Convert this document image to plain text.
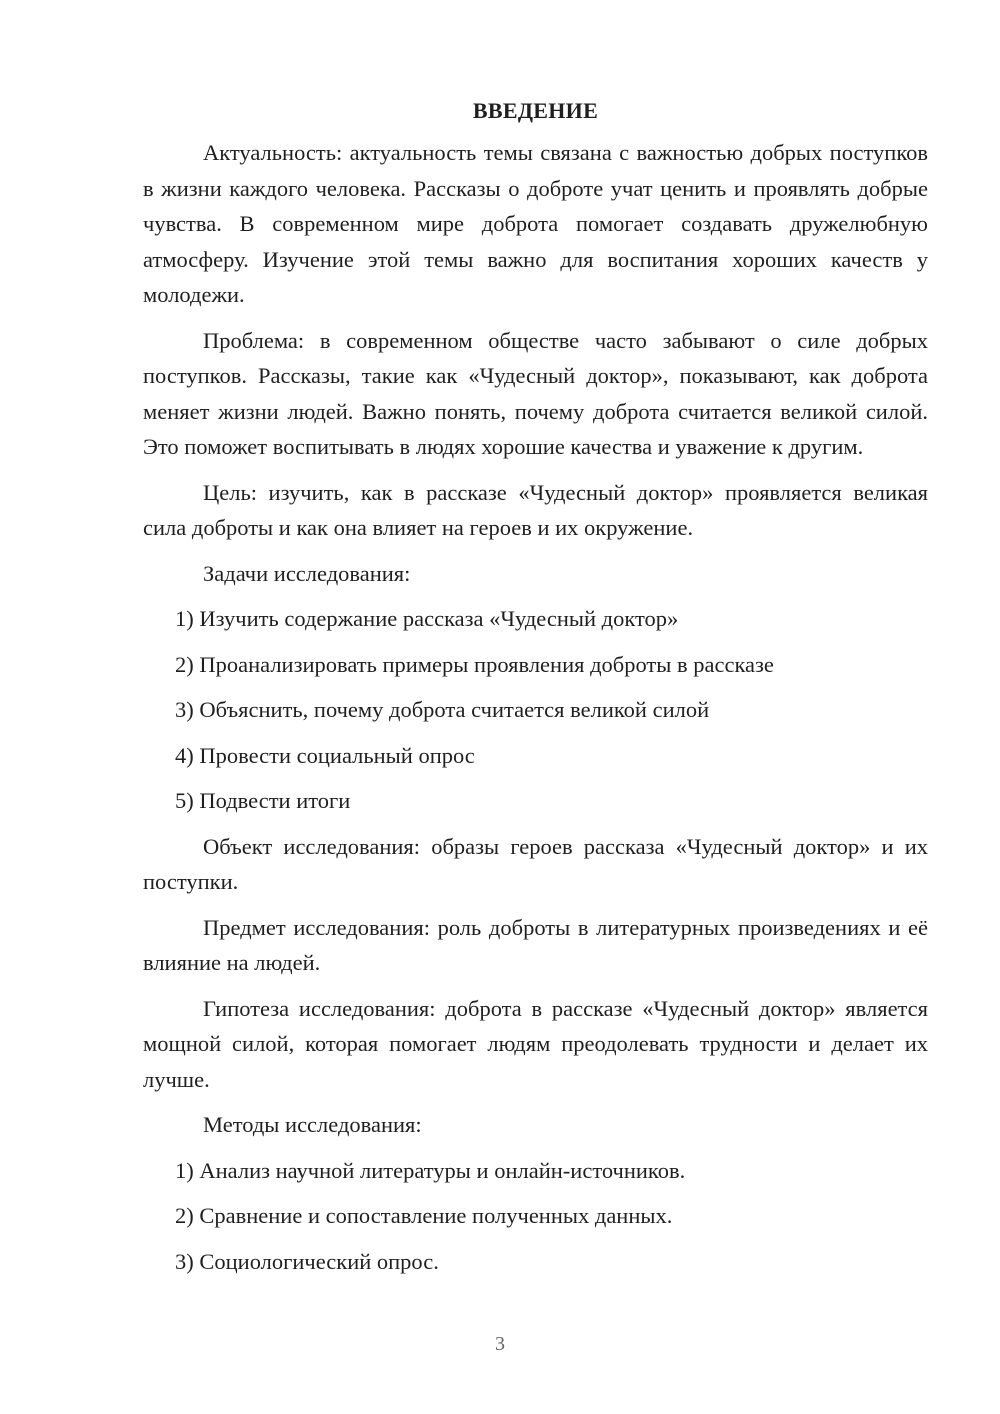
ВВЕДЕНИЕ

Актуальность: актуальность темы связана с важностью добрых поступков в жизни каждого человека. Рассказы о доброте учат ценить и проявлять добрые чувства. В современном мире доброта помогает создавать дружелюбную атмосферу. Изучение этой темы важно для воспитания хороших качеств у молодежи.

Проблема: в современном обществе часто забывают о силе добрых поступков. Рассказы, такие как «Чудесный доктор», показывают, как доброта меняет жизни людей. Важно понять, почему доброта считается великой силой. Это поможет воспитывать в людях хорошие качества и уважение к другим.

Цель: изучить, как в рассказе «Чудесный доктор» проявляется великая сила доброты и как она влияет на героев и их окружение.

Задачи исследования:

1) Изучить содержание рассказа «Чудесный доктор»

2) Проанализировать примеры проявления доброты в рассказе

3) Объяснить, почему доброта считается великой силой

4) Провести социальный опрос

5) Подвести итоги

Объект исследования: образы героев рассказа «Чудесный доктор» и их поступки.

Предмет исследования: роль доброты в литературных произведениях и её влияние на людей.

Гипотеза исследования: доброта в рассказе «Чудесный доктор» является мощной силой, которая помогает людям преодолевать трудности и делает их лучше.

Методы исследования:

1) Анализ научной литературы и онлайн-источников.

2) Сравнение и сопоставление полученных данных.

3) Социологический опрос.

3
